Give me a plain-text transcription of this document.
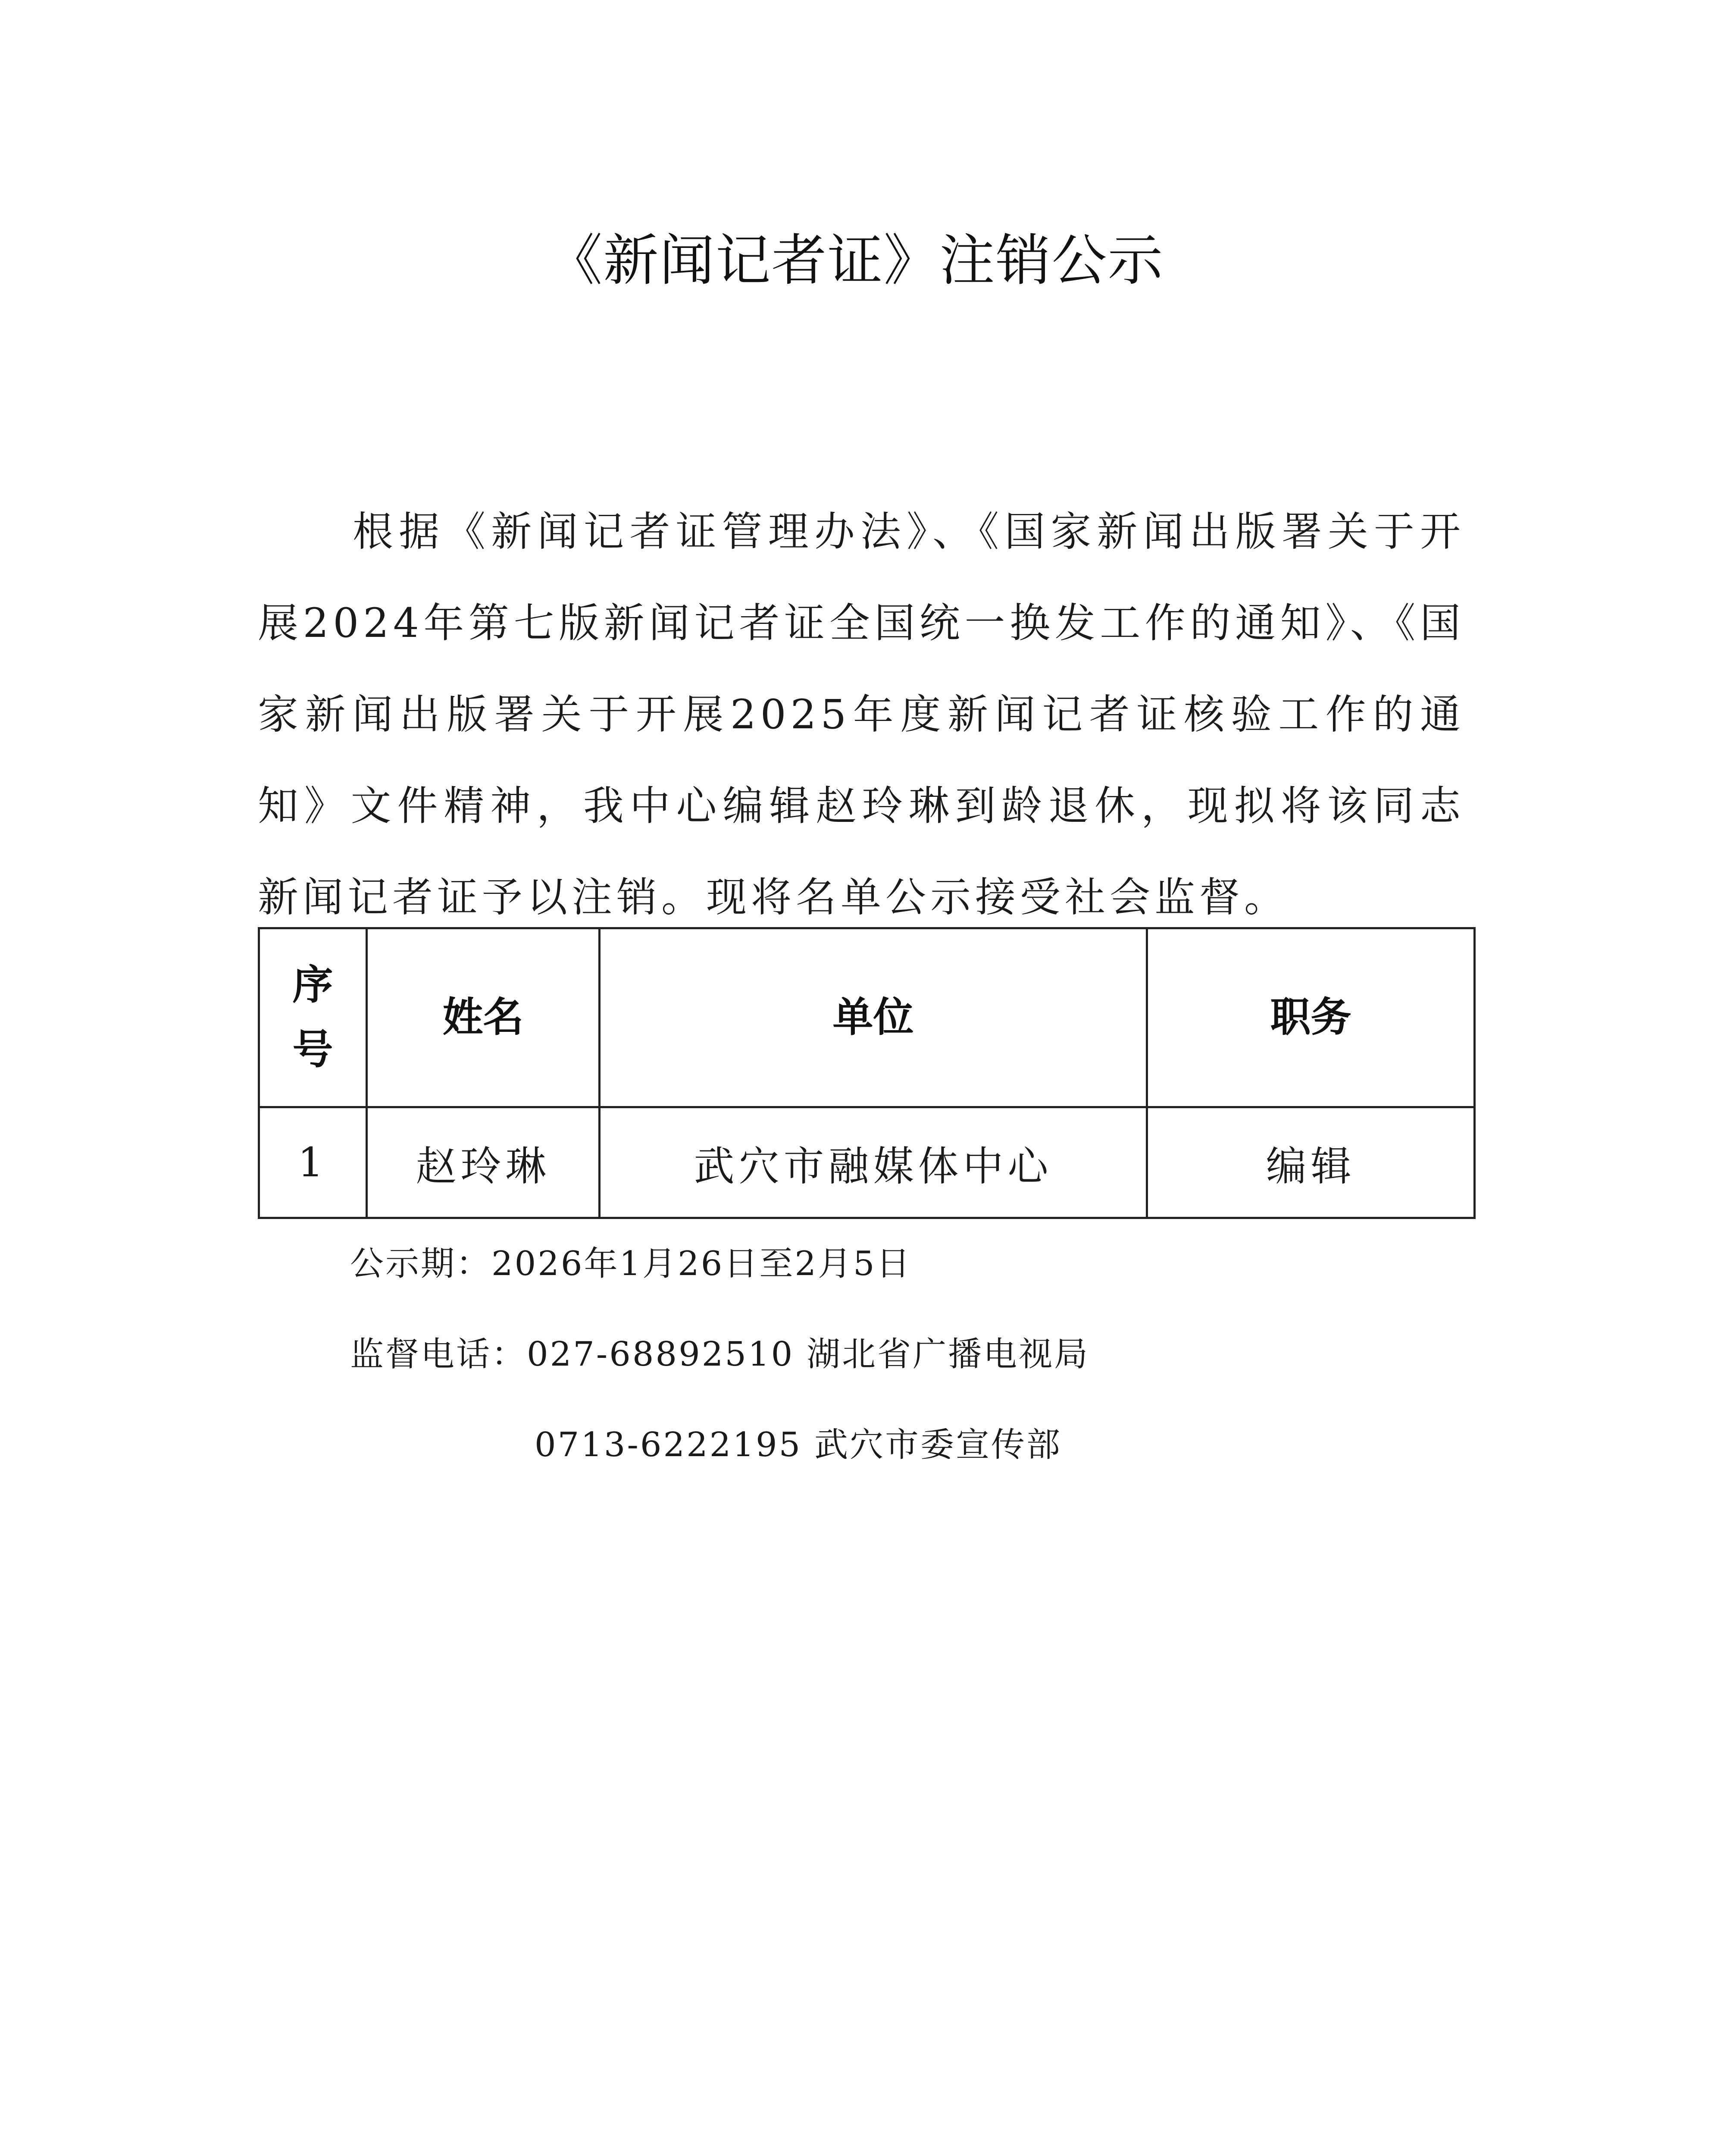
《新闻记者证》注销公示
根据《新闻记者证管理办法》、《国家新闻出版署关于开展2024年第七版新闻记者证全国统一换发工作的通知》、《国家新闻出版署关于开展2025年度新闻记者证核验工作的通知》文件精神，我中心编辑赵玲琳到龄退休，现拟将该同志新闻记者证予以注销。现将名单公示接受社会监督。
序
号	姓名	单位	职务
1	赵玲琳	武穴市融媒体中心	编辑
公示期：2026年1月26日至2月5日
监督电话：027-68892510 湖北省广播电视局
0713-6222195 武穴市委宣传部
